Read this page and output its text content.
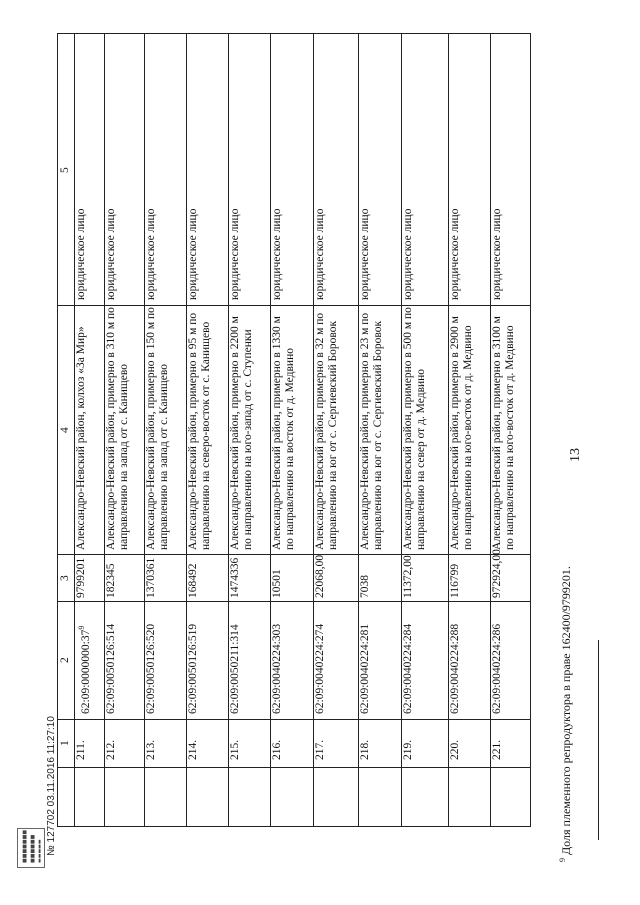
13
5
4
3
2
1 211.
$62:09:0000000:37^9$
9799201
Александро-Невский район, колхоз «За Мир»
юридическое лицо
212.
62:09:0050126:514
182345
Александро-Невский район, примерно в 310 м по направлению на запад от с. Канищево
юридическое лицо
213.
62:09:0050126:520
1370361
Александро-Невский район, примерно в 150 м по направлению на запад от с. Канищево
юридическое лицо
214.
62:09:0050126:519
168492
Александро-Невский район, примерно в 95 м по направлению на северо-восток от с. Канищево
юридическое лицо
215.
62:09:0050211:314
1474336
Александро-Невский район, примерно в 2200 м по направлению на юго-запад от с. Ступенки
юридическое лицо
216.
62:09:0040224:303
10501
Александро-Невский район, примерно в 1330 м по направлению на восток от д. Медвино
юридическое лицо
217.
62:09:0040224:274
22068,00
Александро-Невский район, примерно в 32 м по направлению на юг от с. Сергиевский Боровок
юридическое лицо
218.
62:09:0040224:281
7038
Александро-Невский район, примерно в 23 м по направлению на юг от с. Сергиевский Боровок
юридическое лицо
219.
62:09:0040224:284
11372,00
Александро-Невский район, примерно в 500 м по направлению на север от д. Медвино
юридическое лицо
220.
62:09:0040224:288
116799
Александро-Невский район, примерно в 2900 м по направлению на юго-восток от д. Медвино
юридическое лицо
221.
62:09:0040224:286
972924,00
Александро-Невский район, примерно в 3100 м по направлению на юго-восток от д. Медвино
юридическое лицо
$^9$ Доля племенного репродуктора в праве 162400/9799201.
■■■■■■■ ■■■■■■ ▬▬▬▬▬ № 127702 03.11.2016 11:27:10
